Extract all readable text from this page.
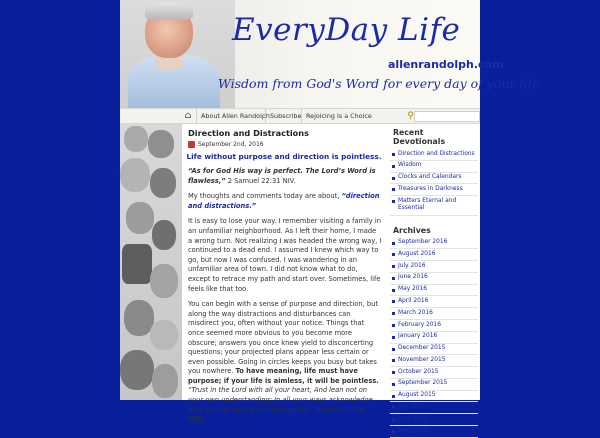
EveryDay Life
allenrandolph.com
Wisdom from God's Word for every day of your life.
⌂	About Allen Randolph Subscribe Rejoicing Is a Choice	⚲
Direction and Distractions
September 2nd, 2016
Life without purpose and direction is pointless.

“As for God His way is perfect. The Lord’s Word is flawless,” 2 Samuel 22:31 NIV.

My thoughts and comments today are about, “direction and distractions.”

It is easy to lose your way. I remember visiting a family in an unfamiliar neighborhood. As I left their home, I made a wrong turn. Not realizing I was headed the wrong way, I continued to a dead end. I assumed I knew which way to go, but now I was confused. I was wandering in an unfamiliar area of town. I did not know what to do, except to retrace my path and start over. Sometimes, life feels like that too.

You can begin with a sense of purpose and direction, but along the way distractions and disturbances can misdirect you, often without your notice. Things that once seemed more obvious to you become more obscure; answers you once knew yield to disconcerting questions; your projected plans appear less certain or even possible. Going in circles keeps you busy but takes you nowhere. To have meaning, life must have purpose; if your life is aimless, it will be pointless. “Trust in the Lord with all your heart, And lean not on your own understanding; In all your ways acknowledge Him, And He shall direct your paths.” Proverbs 3:5-6 NKJV.

Recent Devotionals
Direction and Distractions
Wisdom
Clocks and Calendars
Treasures in Darkness
Matters Eternal and Essential
Archives
September 2016
August 2016
July 2016
June 2016
May 2016
April 2016
March 2016
February 2016
January 2016
December 2015
November 2015
October 2015
September 2015
August 2015
July 2015
June 2015
May 2015
